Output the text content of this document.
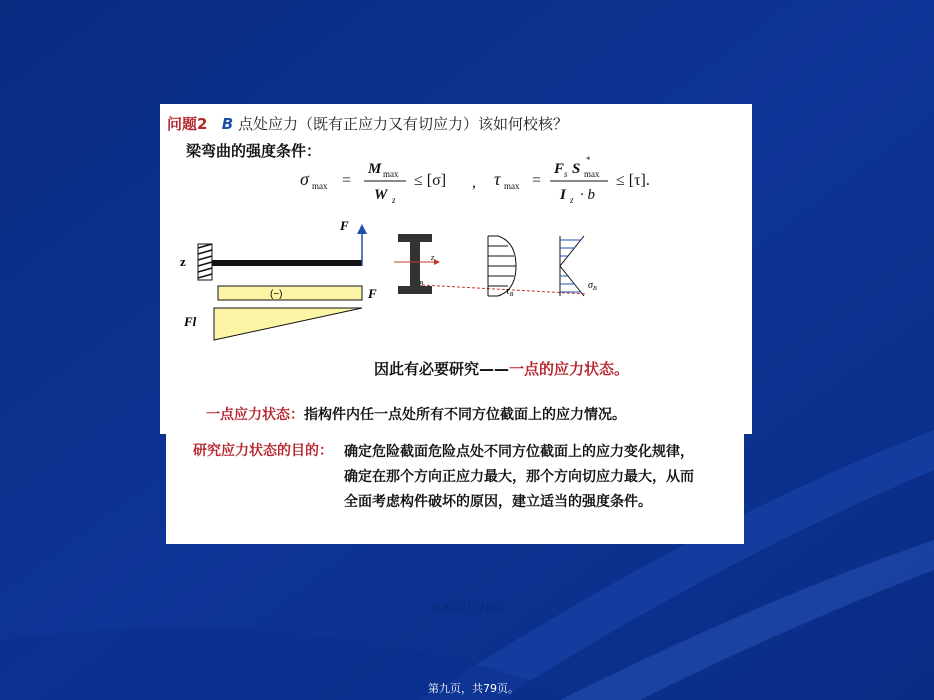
问题2 B 点处应力（既有正应力又有切应力）该如何校核？
梁弯曲的强度条件：
σ max =
M max
W z
≤ [σ] , τ max =
F s S
*
max
I z · b
≤ [τ].
z
F
(−)	F
Fl
z
B
$\tau_B$
$\sigma_B$
因此有必要研究——一点的应力状态。
一点应力状态：指构件内任一点处所有不同方位截面上的应力情况。
研究应力状态的目的： 确定危险截面危险点处不同方位截面上的应力变化规律，确定在那个方向正应力最大，那个方向切应力最大，从而全面考虑构件破坏的原因，建立适当的强度条件。
第8页/共78页
第九页，共79页。
